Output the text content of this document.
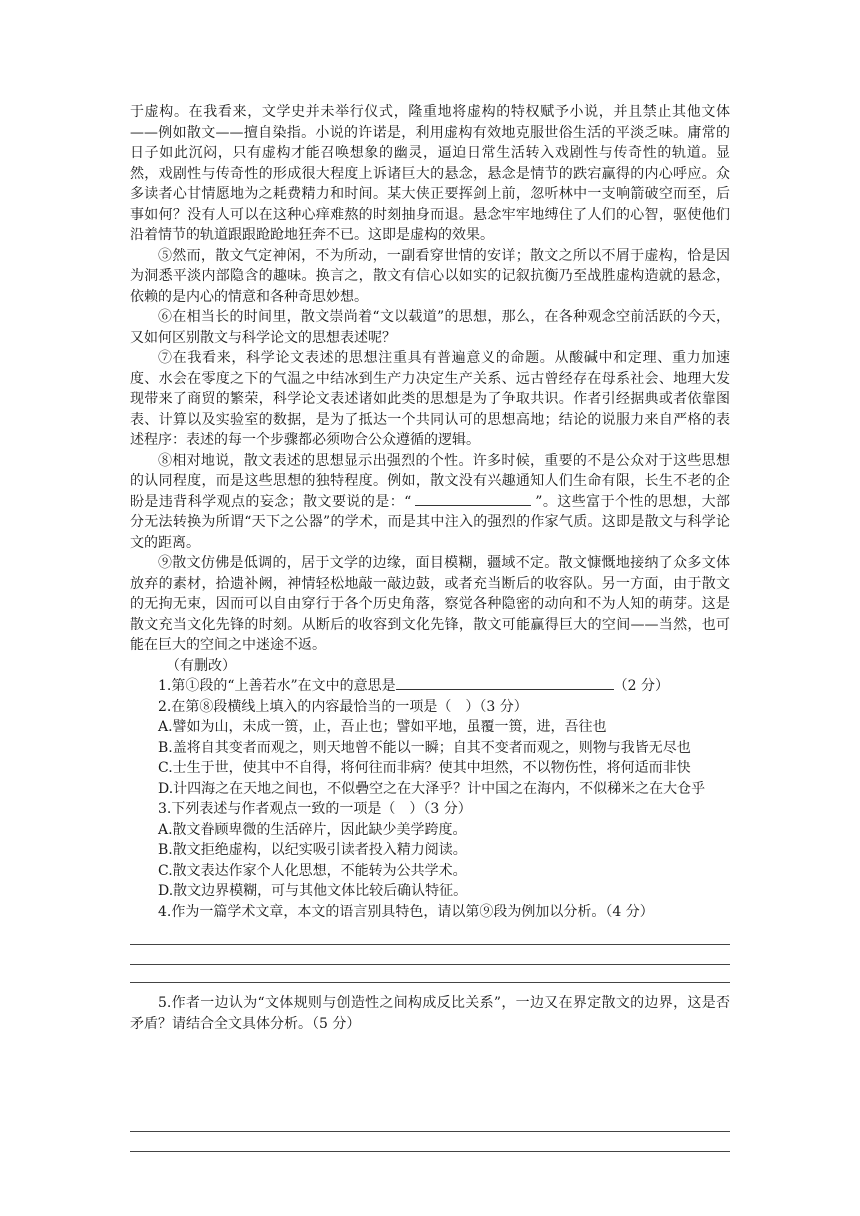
于虚构。在我看来，文学史并未举行仪式，隆重地将虚构的特权赋予小说，并且禁止其他文体——例如散文——擅自染指。小说的许诺是，利用虚构有效地克服世俗生活的平淡乏味。庸常的日子如此沉闷，只有虚构才能召唤想象的幽灵，逼迫日常生活转入戏剧性与传奇性的轨道。显然，戏剧性与传奇性的形成很大程度上诉诸巨大的悬念，悬念是情节的跌宕赢得的内心呼应。众多读者心甘情愿地为之耗费精力和时间。某大侠正要挥剑上前，忽听林中一支响箭破空而至，后事如何？没有人可以在这种心痒难熬的时刻抽身而退。悬念牢牢地缚住了人们的心智，驱使他们沿着情节的轨道跟跟跄跄地狂奔不已。这即是虚构的效果。

⑤然而，散文气定神闲，不为所动，一副看穿世情的安详；散文之所以不屑于虚构，恰是因为洞悉平淡内部隐含的趣味。换言之，散文有信心以如实的记叙抗衡乃至战胜虚构造就的悬念，依赖的是内心的情意和各种奇思妙想。

⑥在相当长的时间里，散文崇尚着“文以载道”的思想，那么，在各种观念空前活跃的今天，又如何区别散文与科学论文的思想表述呢？

⑦在我看来，科学论文表述的思想注重具有普遍意义的命题。从酸碱中和定理、重力加速度、水会在零度之下的气温之中结冰到生产力决定生产关系、远古曾经存在母系社会、地理大发现带来了商贸的繁荣，科学论文表述诸如此类的思想是为了争取共识。作者引经据典或者依靠图表、计算以及实验室的数据，是为了抵达一个共同认可的思想高地；结论的说服力来自严格的表述程序：表述的每一个步骤都必须吻合公众遵循的逻辑。

⑧相对地说，散文表述的思想显示出强烈的个性。许多时候，重要的不是公众对于这些思想的认同程度，而是这些思想的独特程度。例如，散文没有兴趣通知人们生命有限，长生不老的企盼是违背科学观点的妄念；散文要说的是：“	”。这些富于个性的思想，大部分无法转换为所谓“天下之公器”的学术，而是其中注入的强烈的作家气质。这即是散文与科学论文的距离。

⑨散文仿佛是低调的，居于文学的边缘，面目模糊，疆域不定。散文慷慨地接纳了众多文体放弃的素材，拾遗补阙，神情轻松地敲一敲边鼓，或者充当断后的收容队。另一方面，由于散文的无拘无束，因而可以自由穿行于各个历史角落，察觉各种隐密的动向和不为人知的萌芽。这是散文充当文化先锋的时刻。从断后的收容到文化先锋，散文可能赢得巨大的空间——当然，也可能在巨大的空间之中迷途不返。

（有删改）

1.第①段的“上善若水”在文中的意思是	（2 分）

2.在第⑧段横线上填入的内容最恰当的一项是（　）（3 分）

A.譬如为山，未成一篑，止，吾止也；譬如平地，虽覆一篑，进，吾往也

B.盖将自其变者而观之，则天地曾不能以一瞬；自其不变者而观之，则物与我皆无尽也

C.士生于世，使其中不自得，将何往而非病？使其中坦然，不以物伤性，将何适而非快

D.计四海之在天地之间也，不似礨空之在大泽乎？计中国之在海内，不似稊米之在大仓乎

3.下列表述与作者观点一致的一项是（　）（3 分）

A.散文眷顾卑微的生活碎片，因此缺少美学跨度。

B.散文拒绝虚构，以纪实吸引读者投入精力阅读。

C.散文表达作家个人化思想，不能转为公共学术。

D.散文边界模糊，可与其他文体比较后确认特征。

4.作为一篇学术文章，本文的语言别具特色，请以第⑨段为例加以分析。（4 分）

5.作者一边认为“文体规则与创造性之间构成反比关系”，一边又在界定散文的边界，这是否矛盾？请结合全文具体分析。（5 分）
